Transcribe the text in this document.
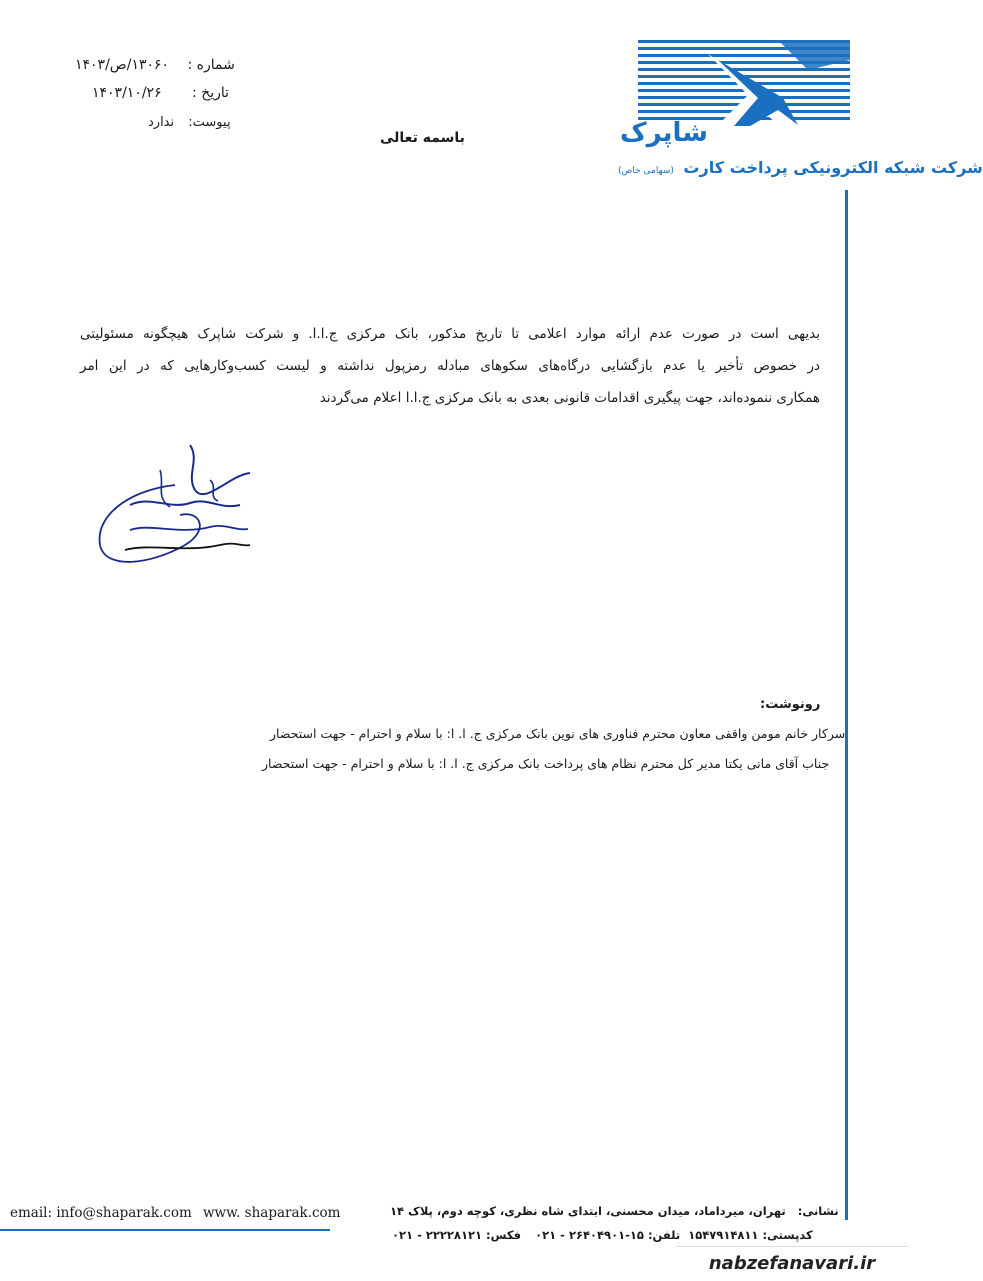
شاپرک
شرکت شبکه الکترونیکی پرداخت کارت (سهامی خاص)
شماره : ۱۳۰۶۰/ص/۱۴۰۳
تاریخ : ۱۴۰۳/۱۰/۲۶
پیوست: ندارد
باسمه تعالی
بدیهی است در صورت عدم ارائه موارد اعلامی تا تاریخ مذکور، بانک مرکزی ج.ا.ا. و شرکت شاپرک هیچگونه مسئولیتی
در خصوص تأخیر یا عدم بازگشایی درگاه‌های سکوهای مبادله رمزپول نداشته و لیست کسب‌وکارهایی که در این امر
همکاری ننموده‌اند، جهت پیگیری اقدامات قانونی بعدی به بانک مرکزی ج.ا.ا اعلام می‌گردند
رونوشت:
سرکار خانم مومن واقفی معاون محترم فناوری های نوین بانک مرکزی ج. ا. ا: با سلام و احترام - جهت استحضار
جناب آقای مانی یکتا مدیر کل محترم نظام های پرداخت بانک مرکزی ج. ا. ا: با سلام و احترام - جهت استحضار
email: info@shaparak.com www. shaparak.com	نشانی: تهران، میرداماد، میدان محسنی، ابتدای شاه نظری، کوچه دوم، پلاک ۱۴
کدپستی: ۱۵۴۷۹۱۴۸۱۱ تلفن: ۱۵-۲۶۴۰۴۹۰۱ - ۰۲۱ فکس: ۲۲۲۲۸۱۲۱ - ۰۲۱
nabzefanavari.ir
